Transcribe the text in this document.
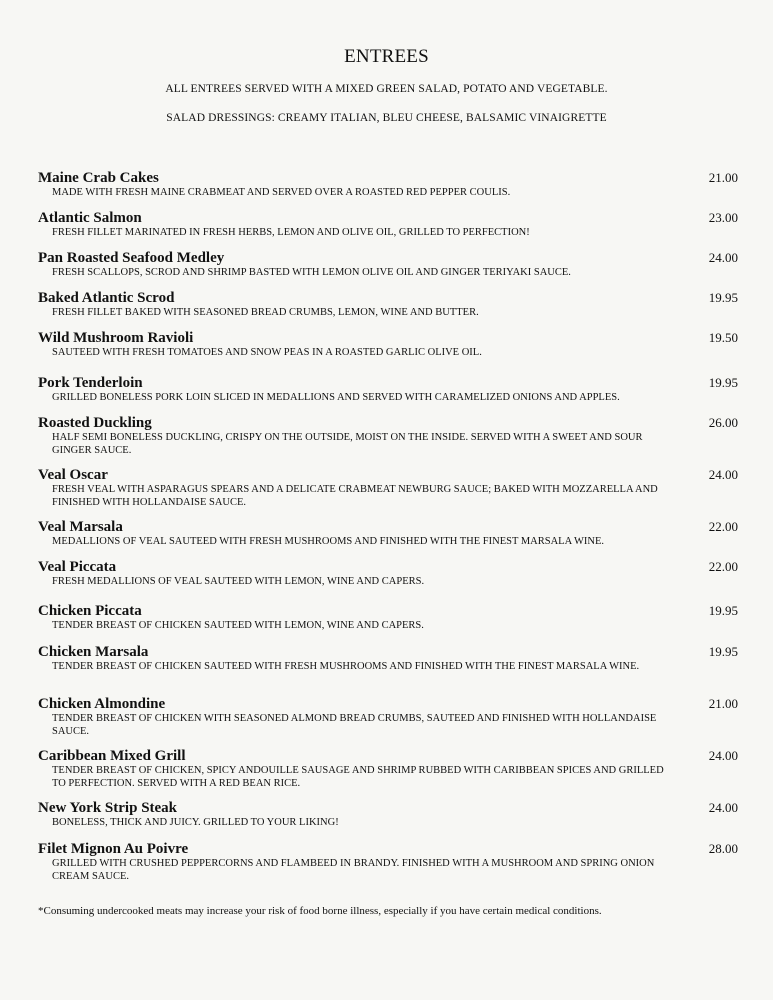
ENTREES
ALL ENTREES SERVED WITH A MIXED GREEN SALAD, POTATO AND VEGETABLE.
SALAD DRESSINGS: CREAMY ITALIAN, BLEU CHEESE, BALSAMIC VINAIGRETTE
Maine Crab Cakes
MADE WITH FRESH MAINE CRABMEAT AND SERVED OVER A ROASTED RED PEPPER COULIS.
21.00
Atlantic Salmon
FRESH FILLET MARINATED IN FRESH HERBS, LEMON AND OLIVE OIL, GRILLED TO PERFECTION!
23.00
Pan Roasted Seafood Medley
FRESH SCALLOPS, SCROD AND SHRIMP BASTED WITH LEMON OLIVE OIL AND GINGER TERIYAKI SAUCE.
24.00
Baked Atlantic Scrod
FRESH FILLET BAKED WITH SEASONED BREAD CRUMBS, LEMON, WINE AND BUTTER.
19.95
Wild Mushroom Ravioli
SAUTEED WITH FRESH TOMATOES AND SNOW PEAS IN A ROASTED GARLIC OLIVE OIL.
19.50
Pork Tenderloin
GRILLED BONELESS PORK LOIN SLICED IN MEDALLIONS AND SERVED WITH CARAMELIZED ONIONS AND APPLES.
19.95
Roasted Duckling
HALF SEMI BONELESS DUCKLING, CRISPY ON THE OUTSIDE, MOIST ON THE INSIDE. SERVED WITH A SWEET AND SOUR GINGER SAUCE.
26.00
Veal Oscar
FRESH VEAL WITH ASPARAGUS SPEARS AND A DELICATE CRABMEAT NEWBURG SAUCE; BAKED WITH MOZZARELLA AND FINISHED WITH HOLLANDAISE SAUCE.
24.00
Veal Marsala
MEDALLIONS OF VEAL SAUTEED WITH FRESH MUSHROOMS AND FINISHED WITH THE FINEST MARSALA WINE.
22.00
Veal Piccata
FRESH MEDALLIONS OF VEAL SAUTEED WITH LEMON, WINE AND CAPERS.
22.00
Chicken Piccata
TENDER BREAST OF CHICKEN SAUTEED WITH LEMON, WINE AND CAPERS.
19.95
Chicken Marsala
TENDER BREAST OF CHICKEN SAUTEED WITH FRESH MUSHROOMS AND FINISHED WITH THE FINEST MARSALA WINE.
19.95
Chicken Almondine
TENDER BREAST OF CHICKEN WITH SEASONED ALMOND BREAD CRUMBS, SAUTEED AND FINISHED WITH HOLLANDAISE SAUCE.
21.00
Caribbean Mixed Grill
TENDER BREAST OF CHICKEN, SPICY ANDOUILLE SAUSAGE AND SHRIMP RUBBED WITH CARIBBEAN SPICES AND GRILLED TO PERFECTION. SERVED WITH A RED BEAN RICE.
24.00
New York Strip Steak
BONELESS, THICK AND JUICY. GRILLED TO YOUR LIKING!
24.00
Filet Mignon Au Poivre
GRILLED WITH CRUSHED PEPPERCORNS AND FLAMBEED IN BRANDY. FINISHED WITH A MUSHROOM AND SPRING ONION CREAM SAUCE.
28.00
*Consuming undercooked meats may increase your risk of food borne illness, especially if you have certain medical conditions.
